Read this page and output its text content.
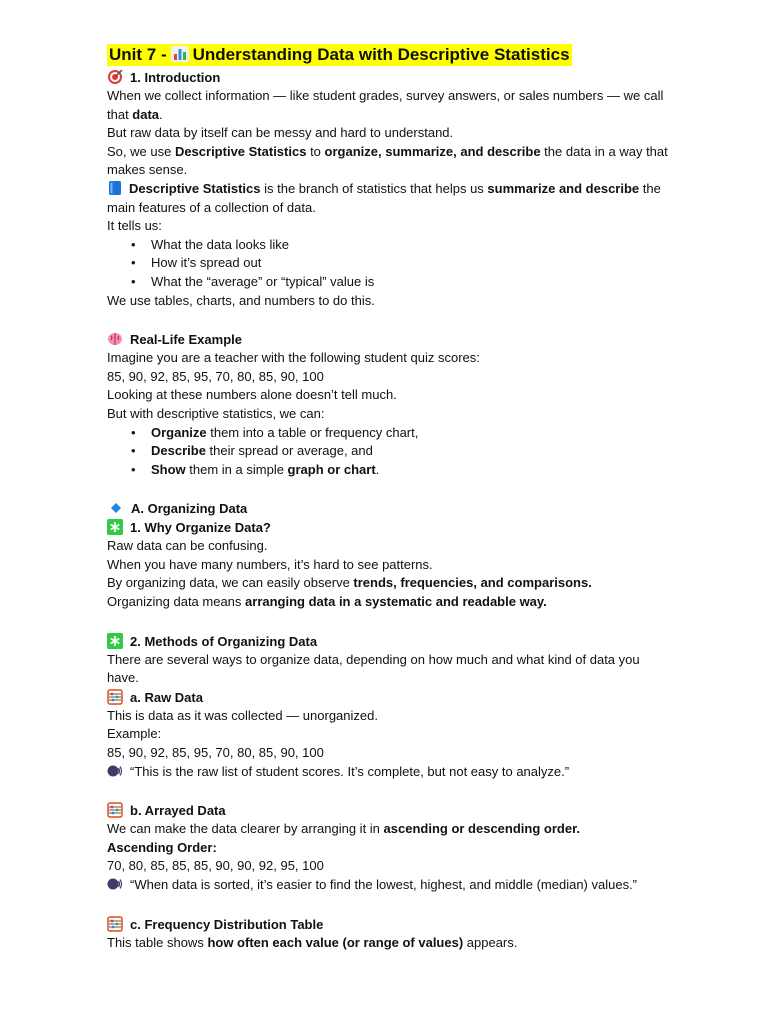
Unit 7 - Understanding Data with Descriptive Statistics

1. Introduction

When we collect information — like student grades, survey answers, or sales numbers — we call that data.

But raw data by itself can be messy and hard to understand.

So, we use Descriptive Statistics to organize, summarize, and describe the data in a way that makes sense.

Descriptive Statistics is the branch of statistics that helps us summarize and describe the main features of a collection of data.

It tells us:

• What the data looks like
• How it’s spread out
• What the “average” or “typical” value is

We use tables, charts, and numbers to do this.

Real-Life Example

Imagine you are a teacher with the following student quiz scores:

85, 90, 92, 85, 95, 70, 80, 85, 90, 100

Looking at these numbers alone doesn’t tell much.

But with descriptive statistics, we can:

• Organize them into a table or frequency chart,
• Describe their spread or average, and
• Show them in a simple graph or chart.

A. Organizing Data

1. Why Organize Data?

Raw data can be confusing.

When you have many numbers, it’s hard to see patterns.

By organizing data, we can easily observe trends, frequencies, and comparisons.

Organizing data means arranging data in a systematic and readable way.

2. Methods of Organizing Data

There are several ways to organize data, depending on how much and what kind of data you have.

a. Raw Data

This is data as it was collected — unorganized.

Example:

85, 90, 92, 85, 95, 70, 80, 85, 90, 100

“This is the raw list of student scores. It’s complete, but not easy to analyze.”

b. Arrayed Data

We can make the data clearer by arranging it in ascending or descending order.

Ascending Order:

70, 80, 85, 85, 85, 90, 90, 92, 95, 100

“When data is sorted, it’s easier to find the lowest, highest, and middle (median) values.”

c. Frequency Distribution Table

This table shows how often each value (or range of values) appears.
